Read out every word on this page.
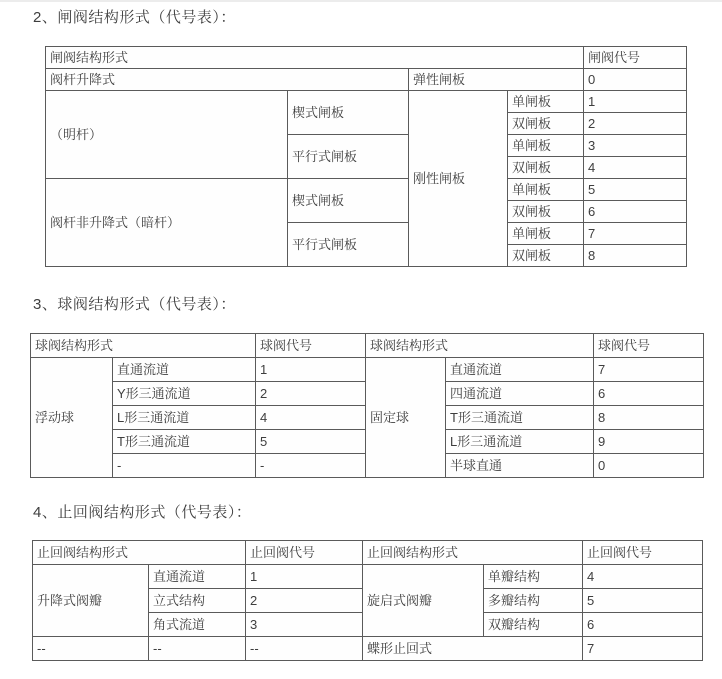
2、闸阀结构形式（代号表）：
闸阀结构形式				闸阀代号
阀杆升降式		弹性闸板		0
（明杆）	楔式闸板	刚性闸板	单闸板	1
			双闸板	2
	平行式闸板		单闸板	3
			双闸板	4
阀杆非升降式（暗杆）	楔式闸板		单闸板	5
			双闸板	6
	平行式闸板		单闸板	7
			双闸板	8
3、球阀结构形式（代号表）：
球阀结构形式		球阀代号	球阀结构形式		球阀代号
浮动球	直通流道	1	固定球	直通流道	7
	Y形三通流道	2		四通流道	6
	L形三通流道	4		T形三通流道	8
	T形三通流道	5		L形三通流道	9
	-	-		半球直通	0
4、止回阀结构形式（代号表）：
止回阀结构形式		止回阀代号	止回阀结构形式		止回阀代号
升降式阀瓣	直通流道	1	旋启式阀瓣	单瓣结构	4
	立式结构	2		多瓣结构	5
	角式流道	3		双瓣结构	6
--	--	--	蝶形止回式		7
